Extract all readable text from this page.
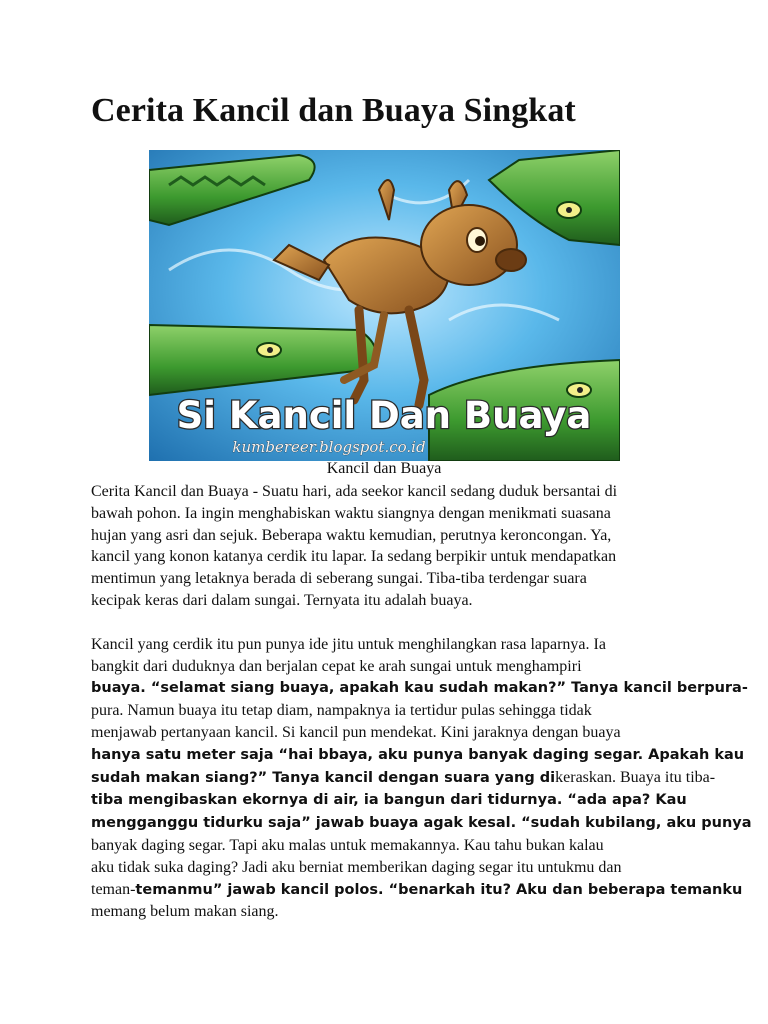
Cerita Kancil dan Buaya Singkat
Si Kancil Dan Buaya
kumbereer.blogspot.co.id
Kancil dan Buaya
Cerita Kancil dan Buaya - Suatu hari, ada seekor kancil sedang duduk bersantai di
bawah pohon. Ia ingin menghabiskan waktu siangnya dengan menikmati suasana
hujan yang asri dan sejuk. Beberapa waktu kemudian, perutnya keroncongan. Ya,
kancil yang konon katanya cerdik itu lapar. Ia sedang berpikir untuk mendapatkan
mentimun yang letaknya berada di seberang sungai. Tiba-tiba terdengar suara
kecipak keras dari dalam sungai. Ternyata itu adalah buaya.
Kancil yang cerdik itu pun punya ide jitu untuk menghilangkan rasa laparnya. Ia
bangkit dari duduknya dan berjalan cepat ke arah sungai untuk menghampiri
buaya. “selamat siang buaya, apakah kau sudah makan?” Tanya kancil berpura-
pura. Namun buaya itu tetap diam, nampaknya ia tertidur pulas sehingga tidak
menjawab pertanyaan kancil. Si kancil pun mendekat. Kini jaraknya dengan buaya
hanya satu meter saja “hai bbaya, aku punya banyak daging segar. Apakah kau
sudah makan siang?” Tanya kancil dengan suara yang dikeraskan. Buaya itu tiba-
tiba mengibaskan ekornya di air, ia bangun dari tidurnya. “ada apa? Kau
mengganggu tidurku saja” jawab buaya agak kesal. “sudah kubilang, aku punya
banyak daging segar. Tapi aku malas untuk memakannya. Kau tahu bukan kalau
aku tidak suka daging? Jadi aku berniat memberikan daging segar itu untukmu dan
teman-temanmu” jawab kancil polos. “benarkah itu? Aku dan beberapa temanku
memang belum makan siang.
